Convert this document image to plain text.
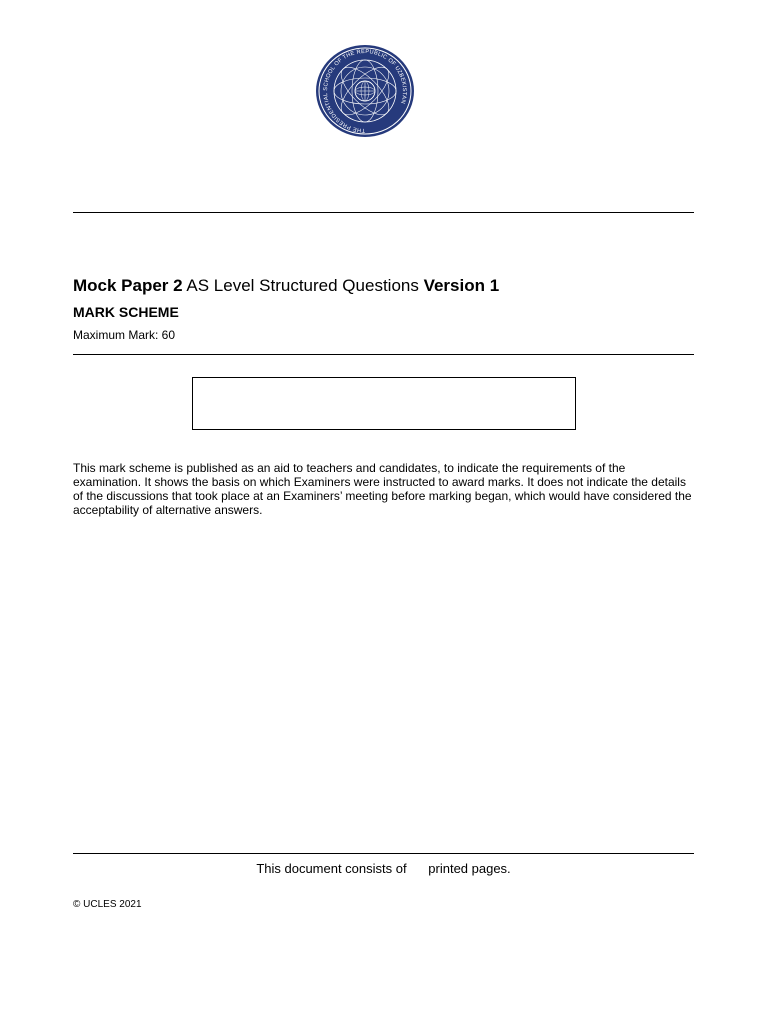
THE PRESIDENTIAL SCHOOL OF THE REPUBLIC OF UZBEKISTAN
Mock Paper 2 AS Level Structured Questions Version 1
MARK SCHEME
Maximum Mark: 60

This mark scheme is published as an aid to teachers and candidates, to indicate the requirements of the examination. It shows the basis on which Examiners were instructed to award marks. It does not indicate the details of the discussions that took place at an Examiners’ meeting before marking began, which would have considered the acceptability of alternative answers.

This document consists of printed pages.
© UCLES 2021
